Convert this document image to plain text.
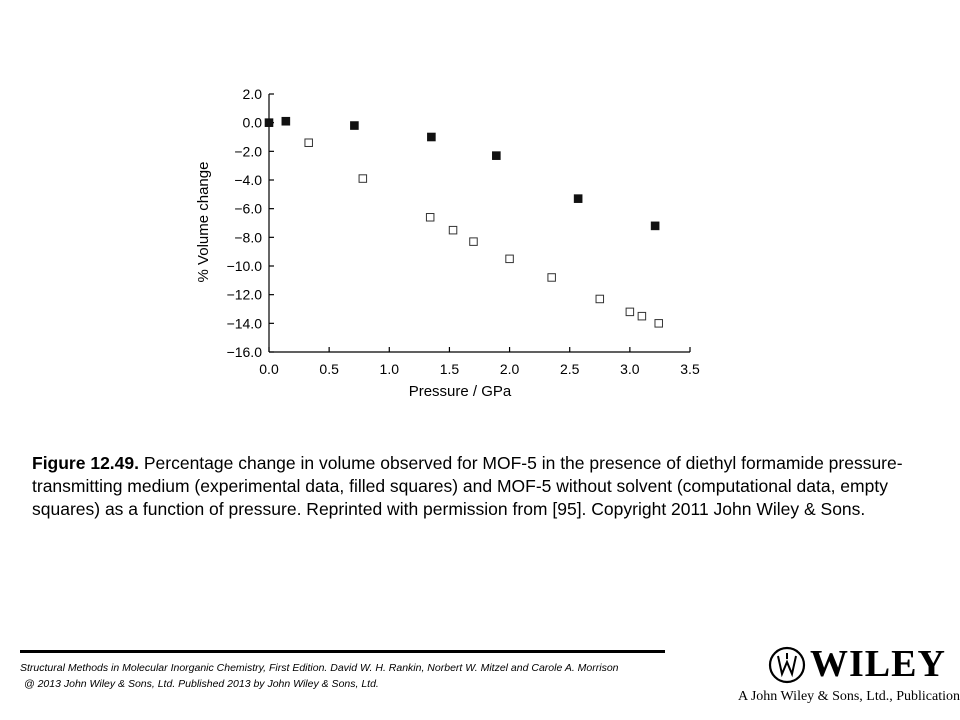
2.0
0.0
−2.0
−4.0
−6.0
−8.0
−10.0
−12.0
−14.0
−16.0
0.0	0.5	1.0	1.5	2.0	2.5	3.0	3.5
% Volume change
Pressure / GPa
Figure 12.49. Percentage change in volume observed for MOF-5 in the presence of diethyl formamide pressure-transmitting medium (experimental data, filled squares) and MOF-5 without solvent (computational data, empty squares) as a function of pressure. Reprinted with permission from [95]. Copyright 2011 John Wiley & Sons.
Structural Methods in Molecular Inorganic Chemistry, First Edition. David W. H. Rankin, Norbert W. Mitzel and Carole A. Morrison
@ 2013 John Wiley & Sons, Ltd. Published 2013 by John Wiley & Sons, Ltd.	WILEY
A John Wiley & Sons, Ltd., Publication
